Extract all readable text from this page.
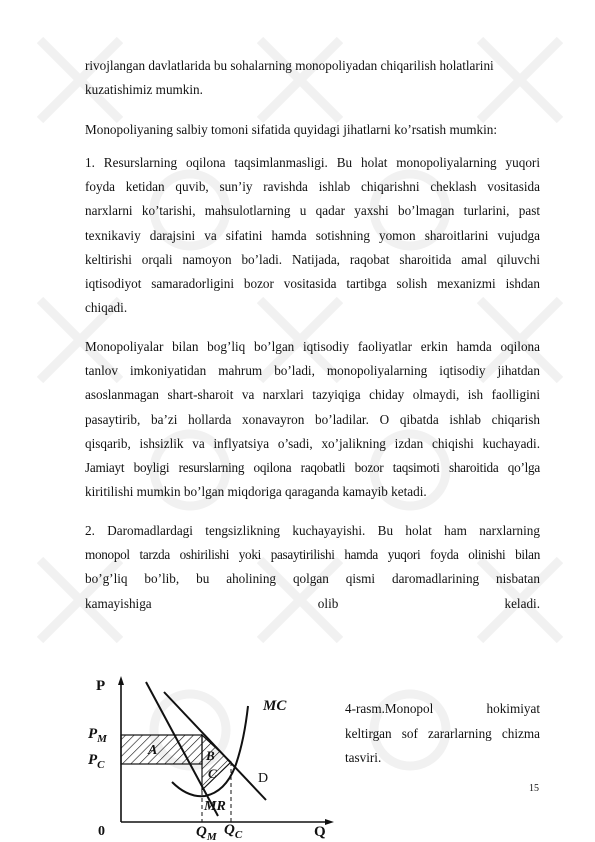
rivojlangan davlatlarida bu sohalarning monopoliyadan chiqarilish holatlarini
kuzatishimiz mumkin.
Monopoliyaning salbiy tomoni sifatida quyidagi jihatlarni ko’rsatish mumkin:
1. Resurslarning oqilona taqsimlanmasligi. Bu holat monopoliyalarning yuqori
foyda ketidan quvib, sun’iy ravishda ishlab chiqarishni cheklash vositasida
narxlarni ko’tarishi, mahsulotlarning u qadar yaxshi bo’lmagan turlarini, past
texnikaviy darajsini va sifatini hamda sotishning yomon sharoitlarini vujudga
keltirishi orqali namoyon bo’ladi. Natijada, raqobat sharoitida amal qiluvchi
iqtisodiyot samaradorligini bozor vositasida tartibga solish mexanizmi ishdan
chiqadi.
Monopoliyalar bilan bog’liq bo’lgan iqtisodiy faoliyatlar erkin hamda oqilona
tanlov imkoniyatidan mahrum bo’ladi, monopoliyalarning iqtisodiy jihatdan
asoslanmagan shart-sharoit va narxlari tazyiqiga chiday olmaydi, ish faolligini
pasaytirib, ba’zi hollarda xonavayron bo’ladilar. O qibatda ishlab chiqarish
qisqarib, ishsizlik va inflyatsiya o’sadi, xo’jalikning izdan chiqishi kuchayadi.
Jamiayt boyligi resurslarning oqilona raqobatli bozor taqsimoti sharoitida qo’lga
kiritilishi mumkin bo’lgan miqdoriga qaraganda kamayib ketadi.
2. Daromadlardagi tengsizlikning kuchayayishi. Bu holat ham narxlarning
monopol tarzda oshirilishi yoki pasaytirilishi hamda yuqori foyda olinishi bilan
bo’g’liq bo’lib, bu aholining qolgan qismi daromadlarining nisbatan
kamayishiga olib keladi.
P
0	Q
$P_M$
$P_C$
$Q_M$ $Q_C$
MC
MR
D
A	B
C
4-rasm.Monopol hokimiyat
keltirgan sof zararlarning chizma
tasviri.
15
